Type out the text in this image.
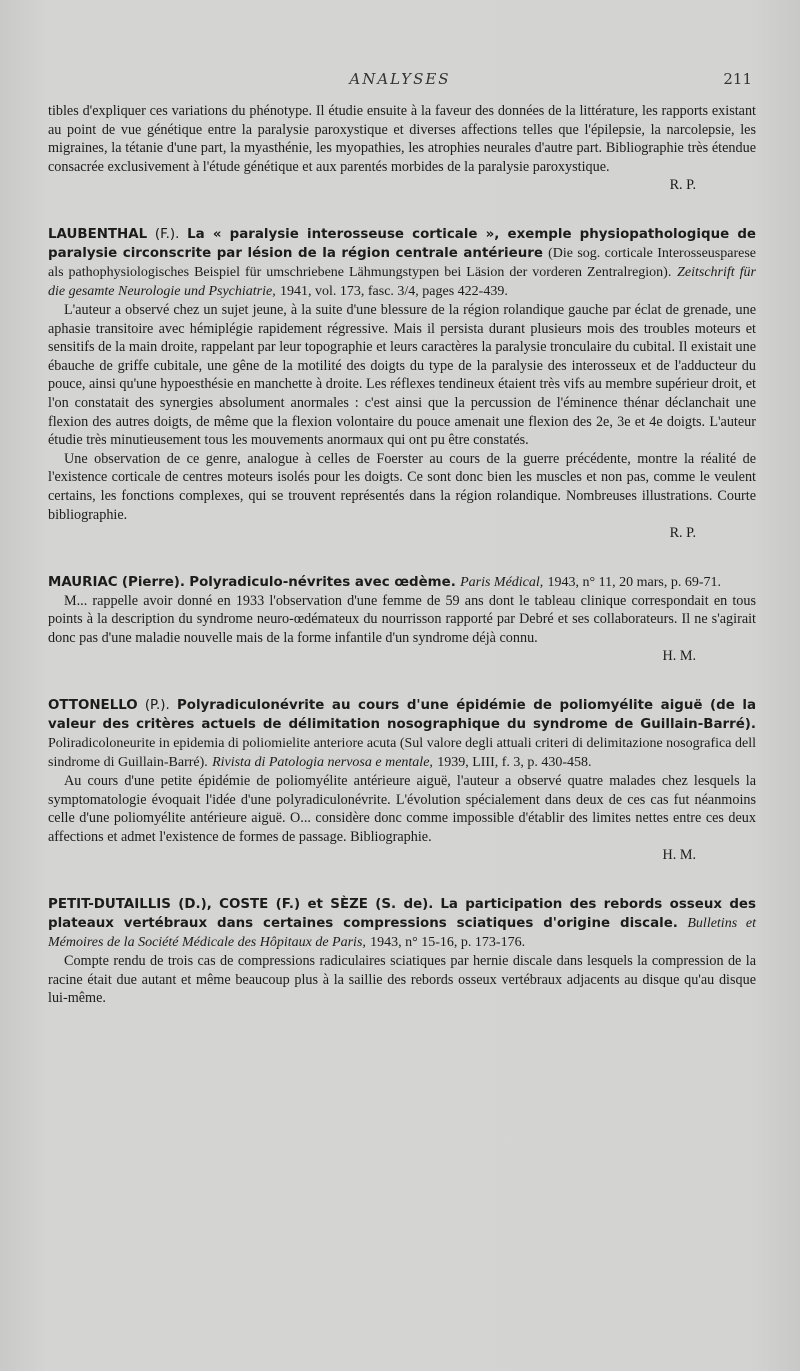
ANALYSES	211

tibles d'expliquer ces variations du phénotype. Il étudie ensuite à la faveur des données de la littérature, les rapports existant au point de vue génétique entre la paralysie paroxystique et diverses affections telles que l'épilepsie, la narcolepsie, les migraines, la tétanie d'une part, la myasthénie, les myopathies, les atrophies neurales d'autre part. Bibliographie très étendue consacrée exclusivement à l'étude génétique et aux parentés morbides de la paralysie paroxystique.
R. P.

LAUBENTHAL (F.). La « paralysie interosseuse corticale », exemple physiopathologique de paralysie circonscrite par lésion de la région centrale antérieure (Die sog. corticale Interosseusparese als pathophysiologisches Beispiel für umschriebene Lähmungstypen bei Läsion der vorderen Zentralregion). Zeitschrift für die gesamte Neurologie und Psychiatrie, 1941, vol. 173, fasc. 3/4, pages 422-439.

L'auteur a observé chez un sujet jeune, à la suite d'une blessure de la région rolandique gauche par éclat de grenade, une aphasie transitoire avec hémiplégie rapidement régressive. Mais il persista durant plusieurs mois des troubles moteurs et sensitifs de la main droite, rappelant par leur topographie et leurs caractères la paralysie tronculaire du cubital. Il existait une ébauche de griffe cubitale, une gêne de la motilité des doigts du type de la paralysie des interosseux et de l'adducteur du pouce, ainsi qu'une hypoesthésie en manchette à droite. Les réflexes tendineux étaient très vifs au membre supérieur droit, et l'on constatait des synergies absolument anormales : c'est ainsi que la percussion de l'éminence thénar déclanchait une flexion des autres doigts, de même que la flexion volontaire du pouce amenait une flexion des 2e, 3e et 4e doigts. L'auteur étudie très minutieusement tous les mouvements anormaux qui ont pu être constatés.

Une observation de ce genre, analogue à celles de Foerster au cours de la guerre précédente, montre la réalité de l'existence corticale de centres moteurs isolés pour les doigts. Ce sont donc bien les muscles et non pas, comme le veulent certains, les fonctions complexes, qui se trouvent représentés dans la région rolandique. Nombreuses illustrations. Courte bibliographie.
R. P.

MAURIAC (Pierre). Polyradiculo-névrites avec œdème. Paris Médical, 1943, n° 11, 20 mars, p. 69-71.

M... rappelle avoir donné en 1933 l'observation d'une femme de 59 ans dont le tableau clinique correspondait en tous points à la description du syndrome neuro-œdémateux du nourrisson rapporté par Debré et ses collaborateurs. Il ne s'agirait donc pas d'une maladie nouvelle mais de la forme infantile d'un syndrome déjà connu.
H. M.

OTTONELLO (P.). Polyradiculonévrite au cours d'une épidémie de poliomyélite aiguë (de la valeur des critères actuels de délimitation nosographique du syndrome de Guillain-Barré). Poliradicoloneurite in epidemia di poliomielite anteriore acuta (Sul valore degli attuali criteri di delimitazione nosografica dell sindrome di Guillain-Barré). Rivista di Patologia nervosa e mentale, 1939, LIII, f. 3, p. 430-458.

Au cours d'une petite épidémie de poliomyélite antérieure aiguë, l'auteur a observé quatre malades chez lesquels la symptomatologie évoquait l'idée d'une polyradiculonévrite. L'évolution spécialement dans deux de ces cas fut néanmoins celle d'une poliomyélite antérieure aiguë. O... considère donc comme impossible d'établir des limites nettes entre ces deux affections et admet l'existence de formes de passage. Bibliographie.
H. M.

PETIT-DUTAILLIS (D.), COSTE (F.) et SÈZE (S. de). La participation des rebords osseux des plateaux vertébraux dans certaines compressions sciatiques d'origine discale. Bulletins et Mémoires de la Société Médicale des Hôpitaux de Paris, 1943, n° 15-16, p. 173-176.

Compte rendu de trois cas de compressions radiculaires sciatiques par hernie discale dans lesquels la compression de la racine était due autant et même beaucoup plus à la saillie des rebords osseux vertébraux adjacents au disque qu'au disque lui-même.
